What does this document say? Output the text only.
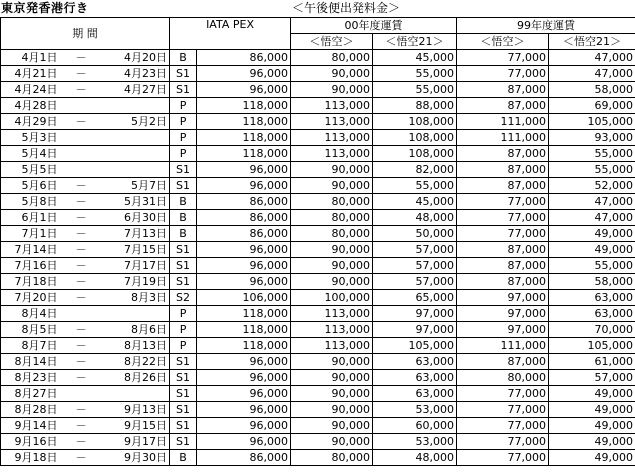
東京発香港行き	＜午後便出発料金＞
期 間			IATA PEX		00年度運賃		99年度運賃	
					＜悟空＞	＜悟空21＞	＜悟空＞	＜悟空21＞
4月1日	－	4月20日	B	86,000	80,000	45,000	77,000	47,000
4月21日	－	4月23日	S1	96,000	90,000	55,000	77,000	47,000
4月24日	－	4月27日	S1	96,000	90,000	55,000	87,000	58,000
4月28日			P	118,000	113,000	88,000	87,000	69,000
4月29日	－	5月2日	P	118,000	113,000	108,000	111,000	105,000
5月3日			P	118,000	113,000	108,000	111,000	93,000
5月4日			P	118,000	113,000	108,000	87,000	55,000
5月5日			S1	96,000	90,000	82,000	87,000	55,000
5月6日	－	5月7日	S1	96,000	90,000	55,000	87,000	52,000
5月8日	－	5月31日	B	86,000	80,000	45,000	77,000	47,000
6月1日	－	6月30日	B	86,000	80,000	48,000	77,000	47,000
7月1日	－	7月13日	B	86,000	80,000	50,000	77,000	49,000
7月14日	－	7月15日	S1	96,000	90,000	57,000	87,000	49,000
7月16日	－	7月17日	S1	96,000	90,000	57,000	87,000	55,000
7月18日	－	7月19日	S1	96,000	90,000	57,000	87,000	58,000
7月20日	－	8月3日	S2	106,000	100,000	65,000	97,000	63,000
8月4日			P	118,000	113,000	97,000	97,000	63,000
8月5日	－	8月6日	P	118,000	113,000	97,000	97,000	70,000
8月7日	－	8月13日	P	118,000	113,000	105,000	111,000	105,000
8月14日	－	8月22日	S1	96,000	90,000	63,000	87,000	61,000
8月23日	－	8月26日	S1	96,000	90,000	63,000	80,000	57,000
8月27日			S1	96,000	90,000	63,000	77,000	49,000
8月28日	－	9月13日	S1	96,000	90,000	53,000	77,000	49,000
9月14日	－	9月15日	S1	96,000	90,000	60,000	77,000	49,000
9月16日	－	9月17日	S1	96,000	90,000	53,000	77,000	49,000
9月18日	－	9月30日	B	86,000	80,000	48,000	77,000	49,000
